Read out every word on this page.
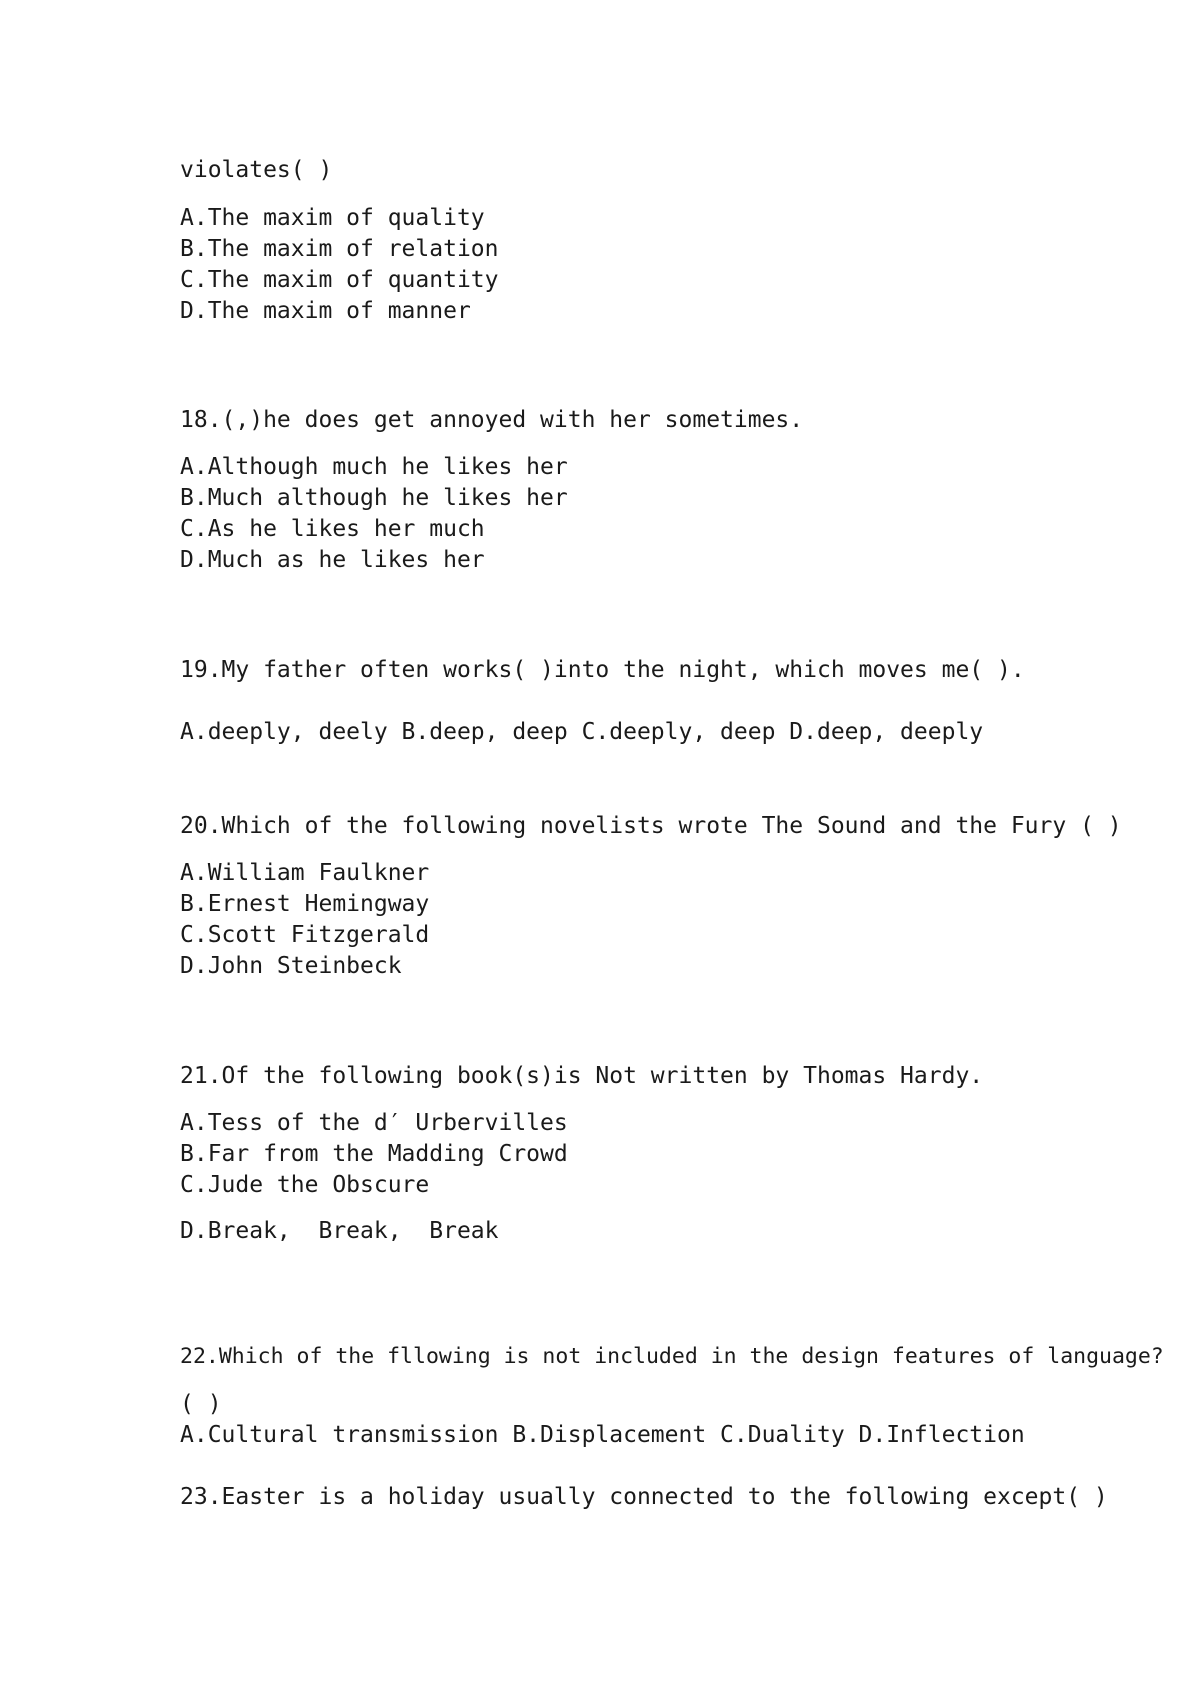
violates( )
A.The maxim of quality
B.The maxim of relation
C.The maxim of quantity
D.The maxim of manner
18.(,)he does get annoyed with her sometimes.
A.Although much he likes her
B.Much although he likes her
C.As he likes her much
D.Much as he likes her
19.My father often works( )into the night, which moves me( ).
A.deeply, deely B.deep, deep C.deeply, deep D.deep, deeply
20.Which of the following novelists wrote The Sound and the Fury ( )
A.William Faulkner
B.Ernest Hemingway
C.Scott Fitzgerald
D.John Steinbeck
21.Of the following book(s)is Not written by Thomas Hardy.
A.Tess of the d′ Urbervilles
B.Far from the Madding Crowd
C.Jude the Obscure
D.Break,  Break,  Break
22.Which of the fllowing is not included in the design features of language?
( )
A.Cultural transmission B.Displacement C.Duality D.Inflection
23.Easter is a holiday usually connected to the following except( )
